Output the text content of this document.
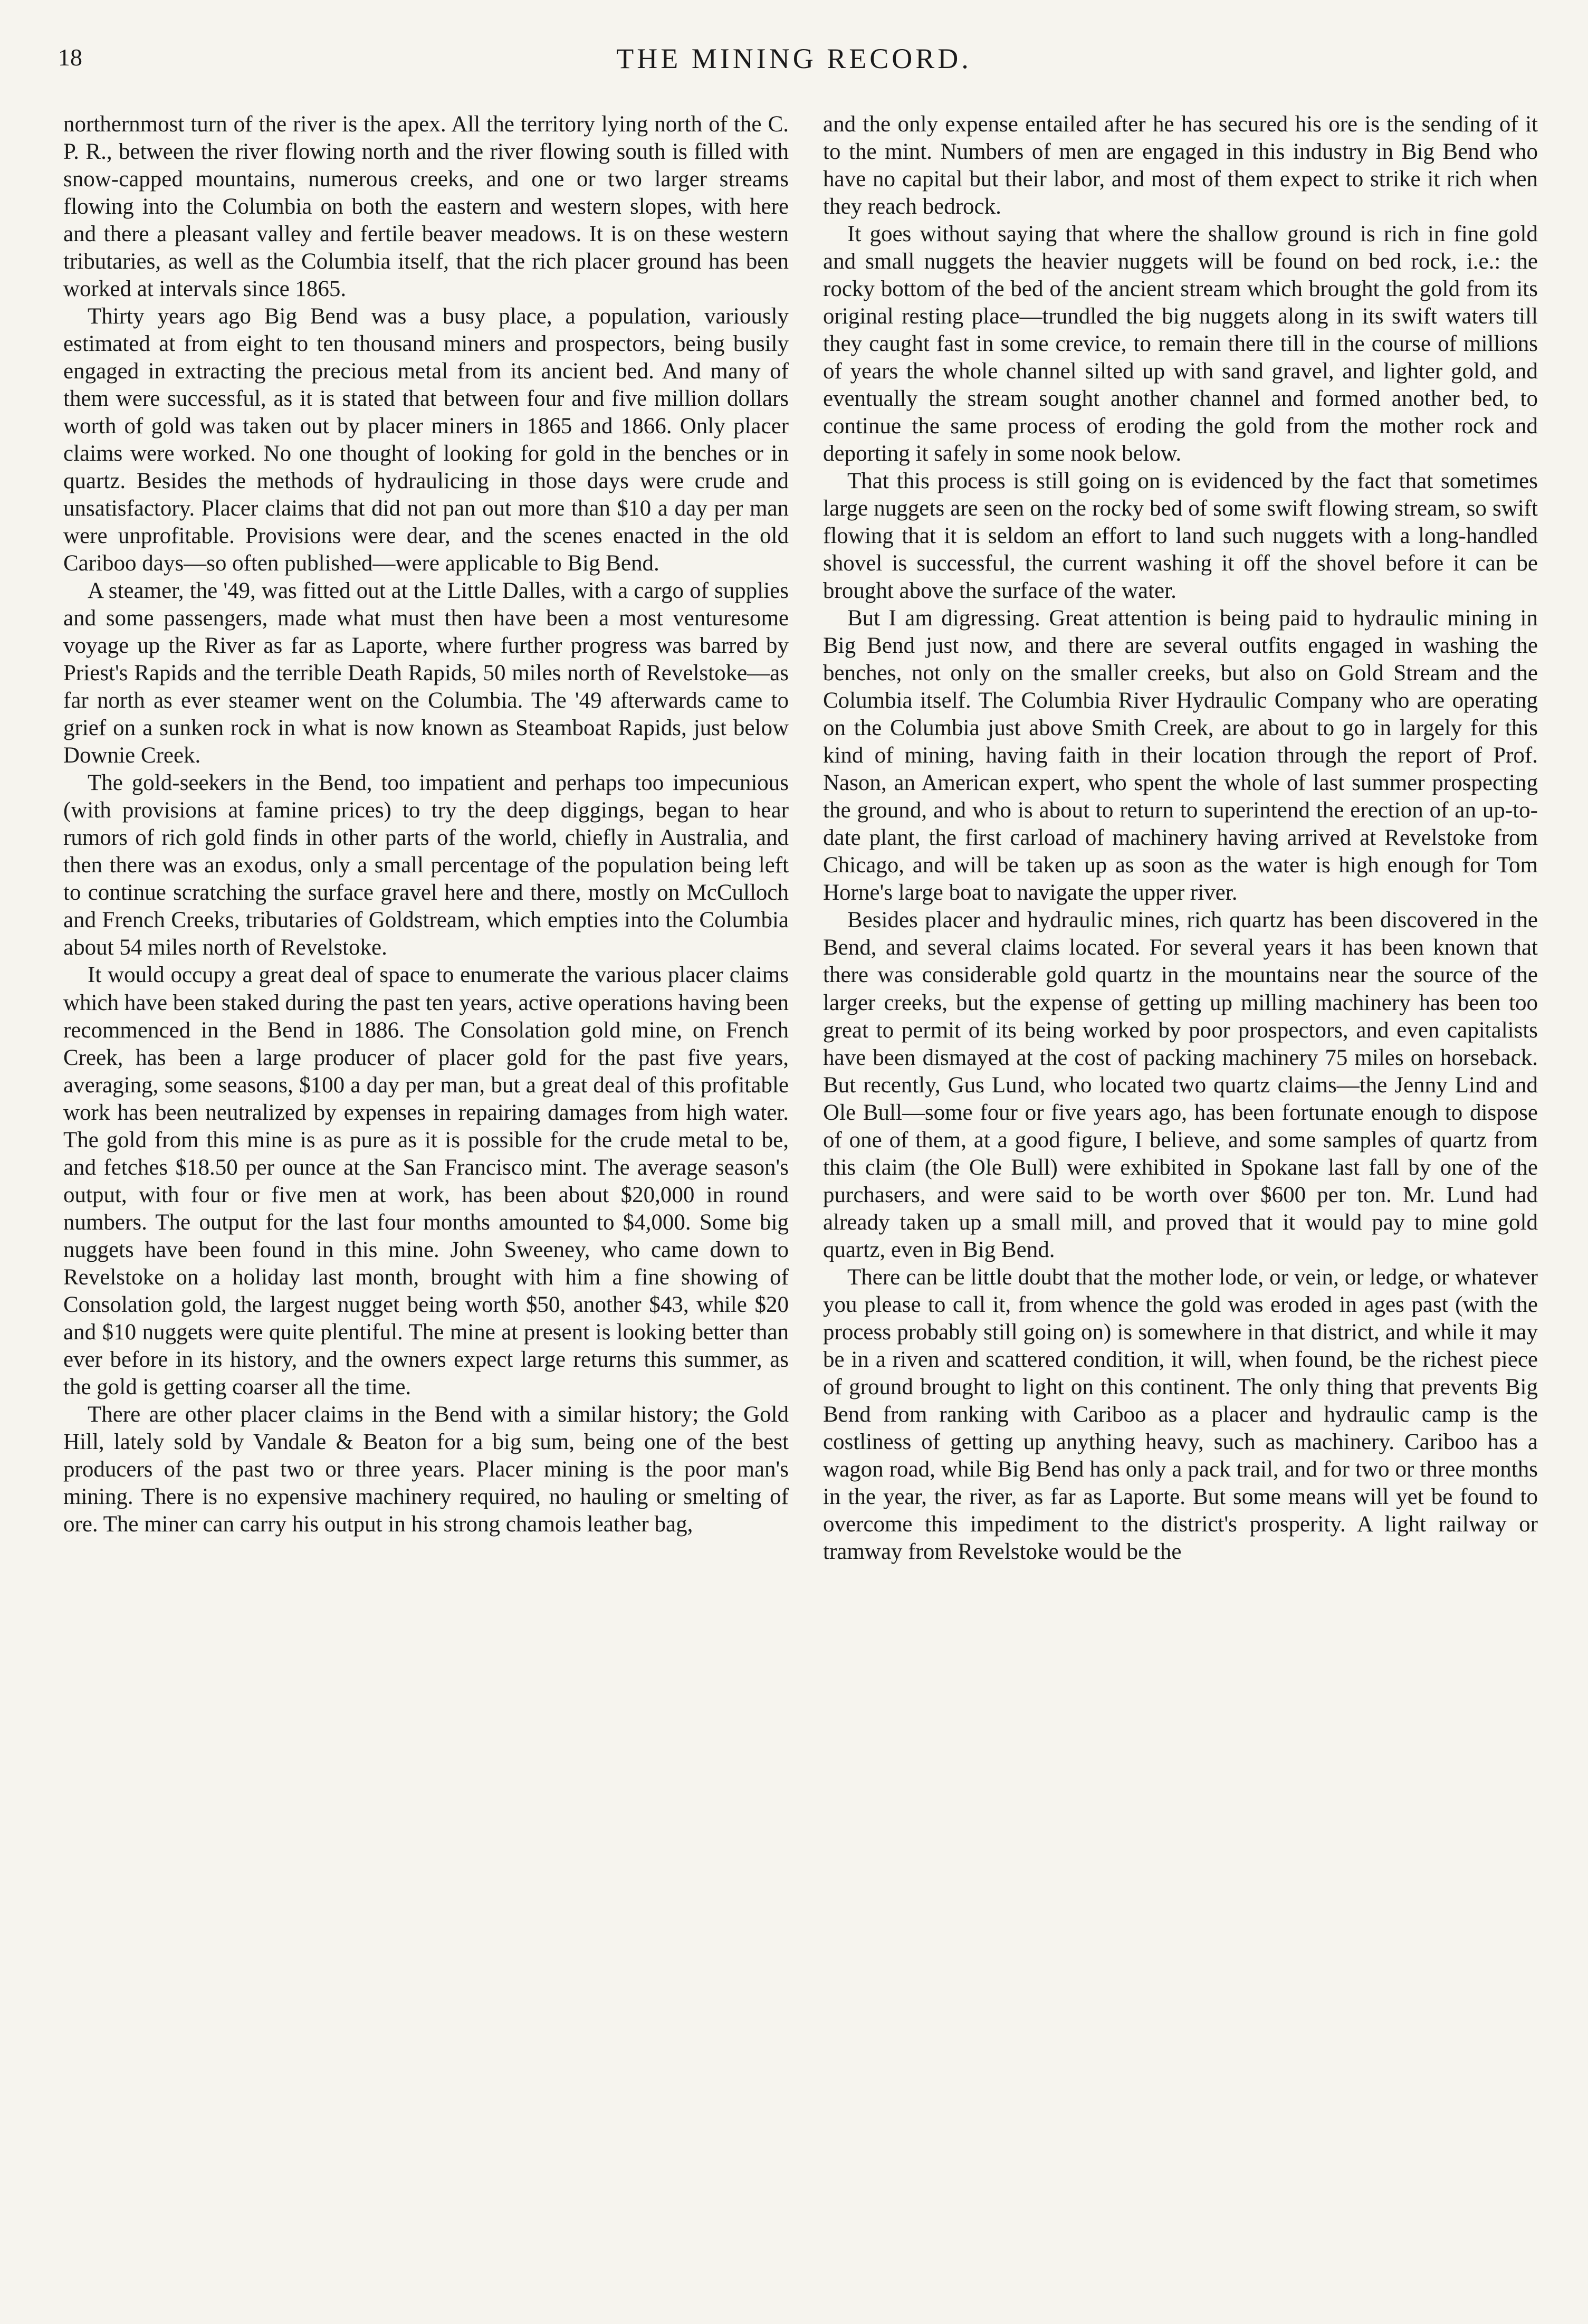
18	THE MINING RECORD.

northernmost turn of the river is the apex. All the territory lying north of the C. P. R., between the river flowing north and the river flowing south is filled with snow-capped mountains, numerous creeks, and one or two larger streams flowing into the Columbia on both the eastern and western slopes, with here and there a pleasant valley and fertile beaver meadows. It is on these western tributaries, as well as the Columbia itself, that the rich placer ground has been worked at intervals since 1865.

Thirty years ago Big Bend was a busy place, a population, variously estimated at from eight to ten thousand miners and prospectors, being busily engaged in extracting the precious metal from its ancient bed. And many of them were successful, as it is stated that between four and five million dollars worth of gold was taken out by placer miners in 1865 and 1866. Only placer claims were worked. No one thought of looking for gold in the benches or in quartz. Besides the methods of hydraulicing in those days were crude and unsatisfactory. Placer claims that did not pan out more than $10 a day per man were unprofitable. Provisions were dear, and the scenes enacted in the old Cariboo days—so often published—were applicable to Big Bend.

A steamer, the '49, was fitted out at the Little Dalles, with a cargo of supplies and some passengers, made what must then have been a most venturesome voyage up the River as far as Laporte, where further progress was barred by Priest's Rapids and the terrible Death Rapids, 50 miles north of Revelstoke—as far north as ever steamer went on the Columbia. The '49 afterwards came to grief on a sunken rock in what is now known as Steamboat Rapids, just below Downie Creek.

The gold-seekers in the Bend, too impatient and perhaps too impecunious (with provisions at famine prices) to try the deep diggings, began to hear rumors of rich gold finds in other parts of the world, chiefly in Australia, and then there was an exodus, only a small percentage of the population being left to continue scratching the surface gravel here and there, mostly on McCulloch and French Creeks, tributaries of Goldstream, which empties into the Columbia about 54 miles north of Revelstoke.

It would occupy a great deal of space to enumerate the various placer claims which have been staked during the past ten years, active operations having been recommenced in the Bend in 1886. The Consolation gold mine, on French Creek, has been a large producer of placer gold for the past five years, averaging, some seasons, $100 a day per man, but a great deal of this profitable work has been neutralized by expenses in repairing damages from high water. The gold from this mine is as pure as it is possible for the crude metal to be, and fetches $18.50 per ounce at the San Francisco mint. The average season's output, with four or five men at work, has been about $20,000 in round numbers. The output for the last four months amounted to $4,000. Some big nuggets have been found in this mine. John Sweeney, who came down to Revelstoke on a holiday last month, brought with him a fine showing of Consolation gold, the largest nugget being worth $50, another $43, while $20 and $10 nuggets were quite plentiful. The mine at present is looking better than ever before in its history, and the owners expect large returns this summer, as the gold is getting coarser all the time.

There are other placer claims in the Bend with a similar history; the Gold Hill, lately sold by Vandale & Beaton for a big sum, being one of the best producers of the past two or three years. Placer mining is the poor man's mining. There is no expensive machinery required, no hauling or smelting of ore. The miner can carry his output in his strong chamois leather bag,

and the only expense entailed after he has secured his ore is the sending of it to the mint. Numbers of men are engaged in this industry in Big Bend who have no capital but their labor, and most of them expect to strike it rich when they reach bedrock.

It goes without saying that where the shallow ground is rich in fine gold and small nuggets the heavier nuggets will be found on bed rock, i.e.: the rocky bottom of the bed of the ancient stream which brought the gold from its original resting place—trundled the big nuggets along in its swift waters till they caught fast in some crevice, to remain there till in the course of millions of years the whole channel silted up with sand gravel, and lighter gold, and eventually the stream sought another channel and formed another bed, to continue the same process of eroding the gold from the mother rock and deporting it safely in some nook below.

That this process is still going on is evidenced by the fact that sometimes large nuggets are seen on the rocky bed of some swift flowing stream, so swift flowing that it is seldom an effort to land such nuggets with a long-handled shovel is successful, the current washing it off the shovel before it can be brought above the surface of the water.

But I am digressing. Great attention is being paid to hydraulic mining in Big Bend just now, and there are several outfits engaged in washing the benches, not only on the smaller creeks, but also on Gold Stream and the Columbia itself. The Columbia River Hydraulic Company who are operating on the Columbia just above Smith Creek, are about to go in largely for this kind of mining, having faith in their location through the report of Prof. Nason, an American expert, who spent the whole of last summer prospecting the ground, and who is about to return to superintend the erection of an up-to-date plant, the first carload of machinery having arrived at Revelstoke from Chicago, and will be taken up as soon as the water is high enough for Tom Horne's large boat to navigate the upper river.

Besides placer and hydraulic mines, rich quartz has been discovered in the Bend, and several claims located. For several years it has been known that there was considerable gold quartz in the mountains near the source of the larger creeks, but the expense of getting up milling machinery has been too great to permit of its being worked by poor prospectors, and even capitalists have been dismayed at the cost of packing machinery 75 miles on horseback. But recently, Gus Lund, who located two quartz claims—the Jenny Lind and Ole Bull—some four or five years ago, has been fortunate enough to dispose of one of them, at a good figure, I believe, and some samples of quartz from this claim (the Ole Bull) were exhibited in Spokane last fall by one of the purchasers, and were said to be worth over $600 per ton. Mr. Lund had already taken up a small mill, and proved that it would pay to mine gold quartz, even in Big Bend.

There can be little doubt that the mother lode, or vein, or ledge, or whatever you please to call it, from whence the gold was eroded in ages past (with the process probably still going on) is somewhere in that district, and while it may be in a riven and scattered condition, it will, when found, be the richest piece of ground brought to light on this continent. The only thing that prevents Big Bend from ranking with Cariboo as a placer and hydraulic camp is the costliness of getting up anything heavy, such as machinery. Cariboo has a wagon road, while Big Bend has only a pack trail, and for two or three months in the year, the river, as far as Laporte. But some means will yet be found to overcome this impediment to the district's prosperity. A light railway or tramway from Revelstoke would be the
